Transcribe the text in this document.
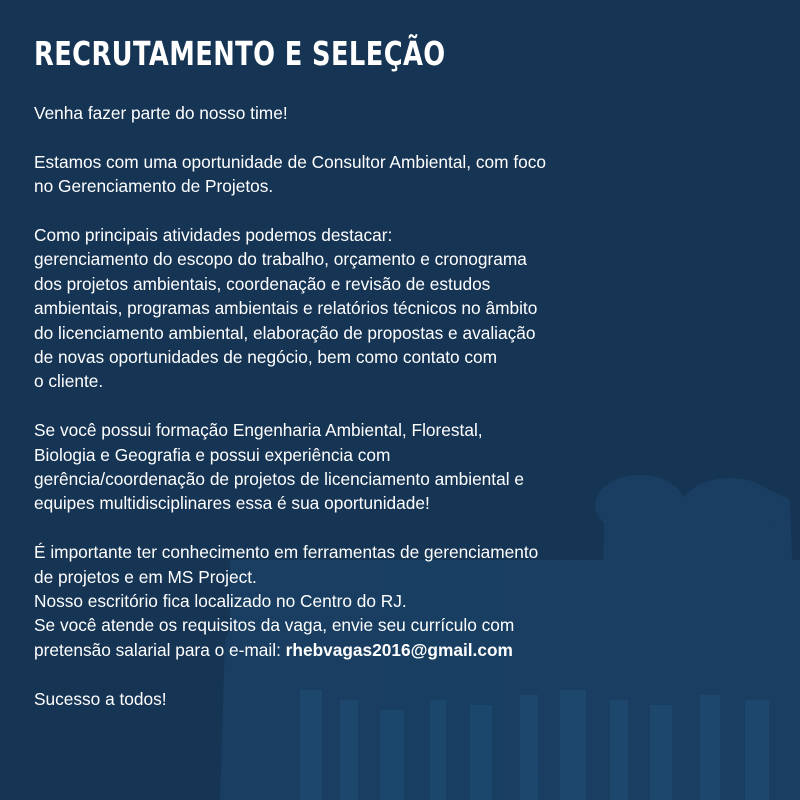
RECRUTAMENTO E SELEÇÃO

Venha fazer parte do nosso time!

Estamos com uma oportunidade de Consultor Ambiental, com foco
no Gerenciamento de Projetos.

Como principais atividades podemos destacar:
gerenciamento do escopo do trabalho, orçamento e cronograma
dos projetos ambientais, coordenação e revisão de estudos
ambientais, programas ambientais e relatórios técnicos no âmbito
do licenciamento ambiental, elaboração de propostas e avaliação
de novas oportunidades de negócio, bem como contato com
o cliente.

Se você possui formação Engenharia Ambiental, Florestal,
Biologia e Geografia e possui experiência com
gerência/coordenação de projetos de licenciamento ambiental e
equipes multidisciplinares essa é sua oportunidade!

É importante ter conhecimento em ferramentas de gerenciamento
de projetos e em MS Project.
Nosso escritório fica localizado no Centro do RJ.
Se você atende os requisitos da vaga, envie seu currículo com
pretensão salarial para o e-mail: rhebvagas2016@gmail.com

Sucesso a todos!
